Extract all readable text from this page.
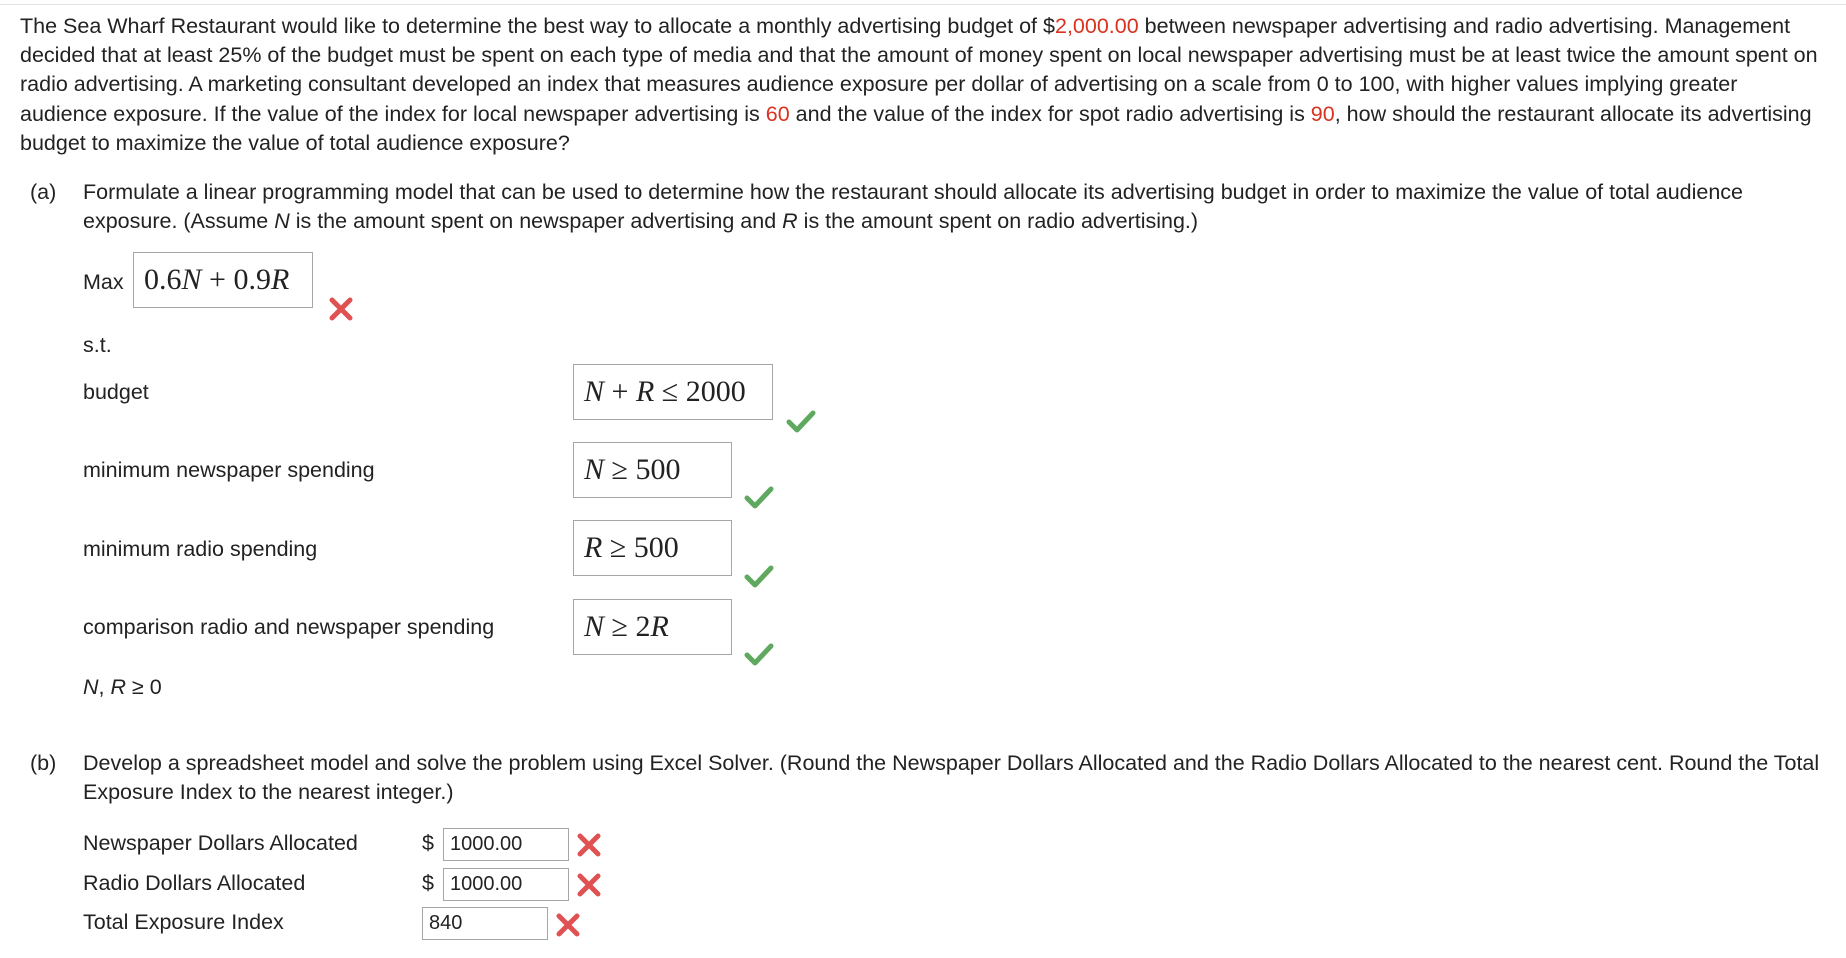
The Sea Wharf Restaurant would like to determine the best way to allocate a monthly advertising budget of $2,000.00 between newspaper advertising and radio advertising. Management decided that at least 25% of the budget must be spent on each type of media and that the amount of money spent on local newspaper advertising must be at least twice the amount spent on radio advertising. A marketing consultant developed an index that measures audience exposure per dollar of advertising on a scale from 0 to 100, with higher values implying greater audience exposure. If the value of the index for local newspaper advertising is 60 and the value of the index for spot radio advertising is 90, how should the restaurant allocate its advertising budget to maximize the value of total audience exposure?
(a) Formulate a linear programming model that can be used to determine how the restaurant should allocate its advertising budget in order to maximize the value of total audience exposure. (Assume N is the amount spent on newspaper advertising and R is the amount spent on radio advertising.)
Max 0.6 N + 0.9 R
s.t.
budget	N + R ≤ 2000
minimum newspaper spending	N ≥ 500
minimum radio spending	R ≥ 500
comparison radio and newspaper spending	N ≥ 2 R
N, R ≥ 0
(b) Develop a spreadsheet model and solve the problem using Excel Solver. (Round the Newspaper Dollars Allocated and the Radio Dollars Allocated to the nearest cent. Round the Total Exposure Index to the nearest integer.)
Newspaper Dollars Allocated	$ 1000.00
Radio Dollars Allocated	$ 1000.00
Total Exposure Index	840
